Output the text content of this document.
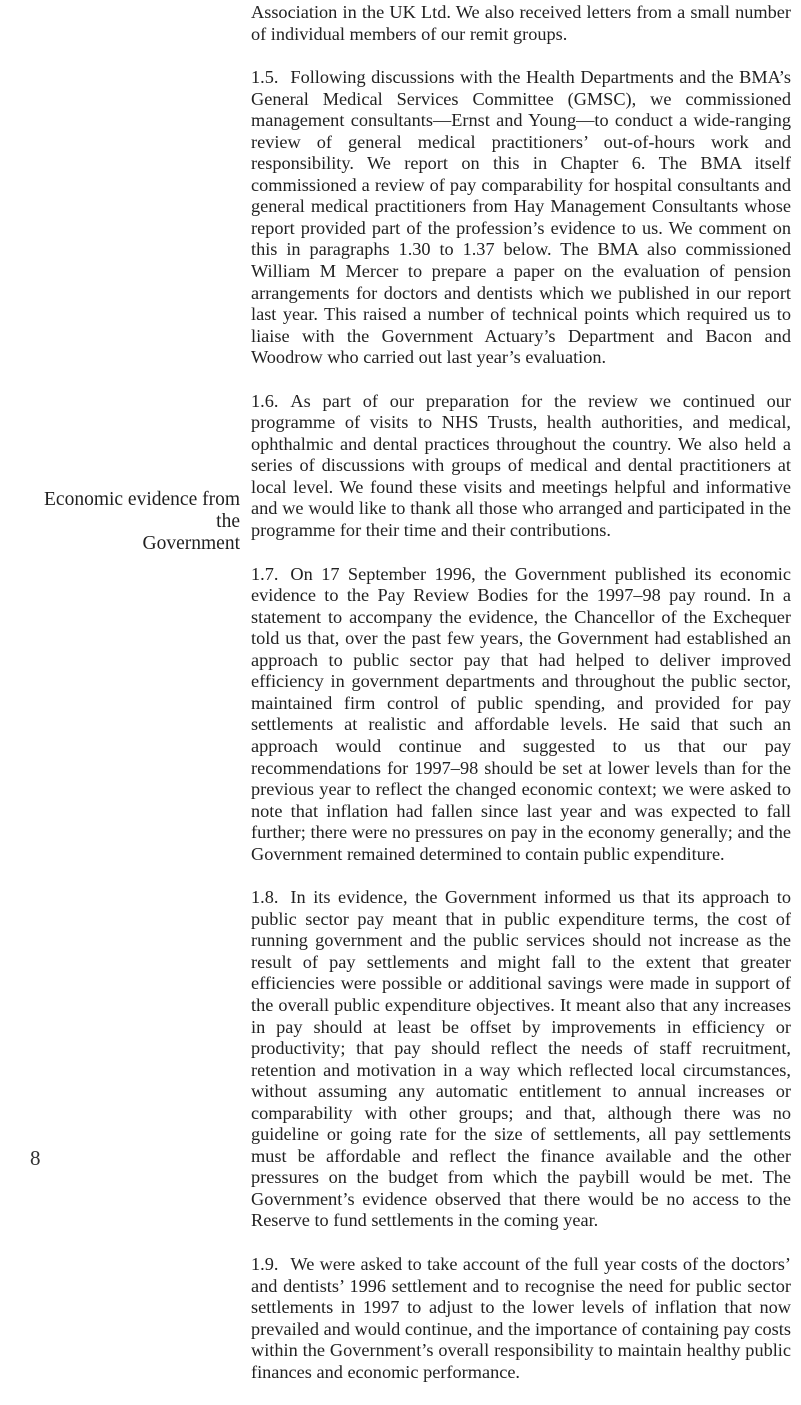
Economic evidence from the
Government
8

Association in the UK Ltd. We also received letters from a small number of individual members of our remit groups.

1.5. Following discussions with the Health Departments and the BMA’s General Medical Services Committee (GMSC), we commissioned management consultants—Ernst and Young—to conduct a wide-ranging review of general medical practitioners’ out-of-hours work and responsibility. We report on this in Chapter 6. The BMA itself commissioned a review of pay comparability for hospital consultants and general medical practitioners from Hay Management Consultants whose report provided part of the profession’s evidence to us. We comment on this in paragraphs 1.30 to 1.37 below. The BMA also commissioned William M Mercer to prepare a paper on the evaluation of pension arrangements for doctors and dentists which we published in our report last year. This raised a number of technical points which required us to liaise with the Government Actuary’s Department and Bacon and Woodrow who carried out last year’s evaluation.

1.6. As part of our preparation for the review we continued our programme of visits to NHS Trusts, health authorities, and medical, ophthalmic and dental practices throughout the country. We also held a series of discussions with groups of medical and dental practitioners at local level. We found these visits and meetings helpful and informative and we would like to thank all those who arranged and participated in the programme for their time and their contributions.

1.7. On 17 September 1996, the Government published its economic evidence to the Pay Review Bodies for the 1997–98 pay round. In a statement to accompany the evidence, the Chancellor of the Exchequer told us that, over the past few years, the Government had established an approach to public sector pay that had helped to deliver improved efficiency in government departments and throughout the public sector, maintained firm control of public spending, and provided for pay settlements at realistic and affordable levels. He said that such an approach would continue and suggested to us that our pay recommendations for 1997–98 should be set at lower levels than for the previous year to reflect the changed economic context; we were asked to note that inflation had fallen since last year and was expected to fall further; there were no pressures on pay in the economy generally; and the Government remained determined to contain public expenditure.

1.8. In its evidence, the Government informed us that its approach to public sector pay meant that in public expenditure terms, the cost of running government and the public services should not increase as the result of pay settlements and might fall to the extent that greater efficiencies were possible or additional savings were made in support of the overall public expenditure objectives. It meant also that any increases in pay should at least be offset by improvements in efficiency or productivity; that pay should reflect the needs of staff recruitment, retention and motivation in a way which reflected local circumstances, without assuming any automatic entitlement to annual increases or comparability with other groups; and that, although there was no guideline or going rate for the size of settlements, all pay settlements must be affordable and reflect the finance available and the other pressures on the budget from which the paybill would be met. The Government’s evidence observed that there would be no access to the Reserve to fund settlements in the coming year.

1.9. We were asked to take account of the full year costs of the doctors’ and dentists’ 1996 settlement and to recognise the need for public sector settlements in 1997 to adjust to the lower levels of inflation that now prevailed and would continue, and the importance of containing pay costs within the Government’s overall responsibility to maintain healthy public finances and economic performance.
